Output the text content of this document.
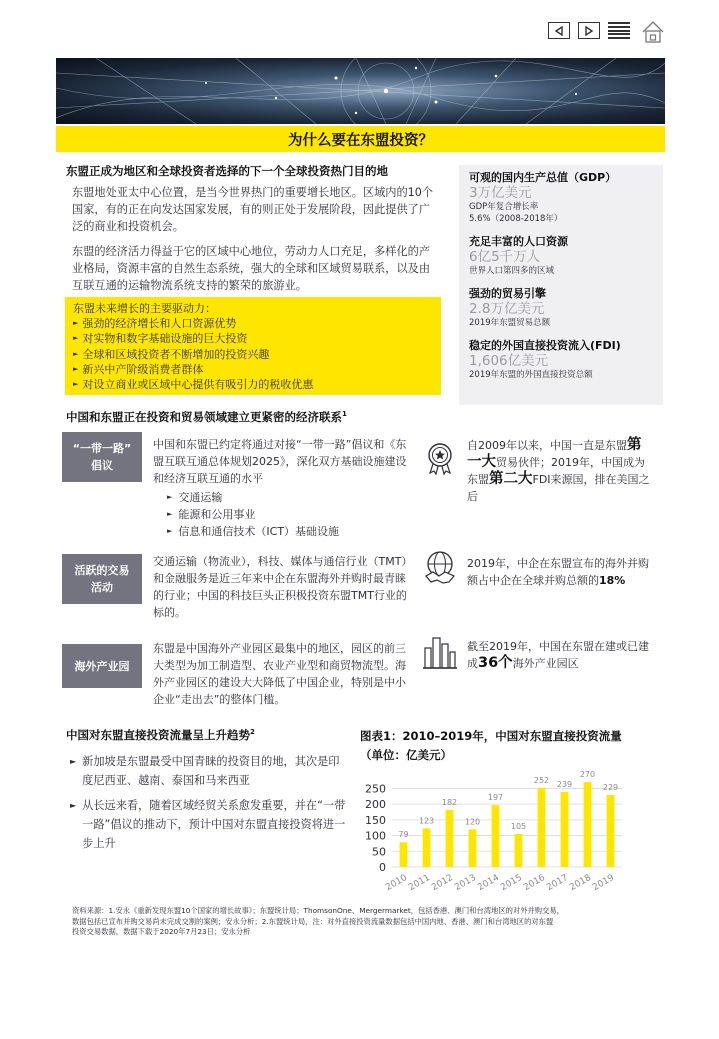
为什么要在东盟投资？
东盟正成为地区和全球投资者选择的下一个全球投资热门目的地
东盟地处亚太中心位置，是当今世界热门的重要增长地区。区域内的10个国家，有的正在向发达国家发展，有的则正处于发展阶段，因此提供了广泛的商业和投资机会。
东盟的经济活力得益于它的区域中心地位，劳动力人口充足，多样化的产业格局，资源丰富的自然生态系统，强大的全球和区域贸易联系，以及由互联互通的运输物流系统支持的繁荣的旅游业。
东盟未来增长的主要驱动力：
► 强劲的经济增长和人口资源优势
► 对实物和数字基础设施的巨大投资
► 全球和区域投资者不断增加的投资兴趣
► 新兴中产阶级消费者群体
► 对设立商业或区域中心提供有吸引力的税收优惠
可观的国内生产总值（GDP）
3万亿美元
GDP年复合增长率
5.6%（2008-2018年）
充足丰富的人口资源
6亿5千万人
世界人口第四多的区域
强劲的贸易引擎
2.8万亿美元
2019年东盟贸易总额
稳定的外国直接投资流入(FDI)
1,606亿美元
2019年东盟的外国直接投资总额
中国和东盟正在投资和贸易领域建立更紧密的经济联系$^1$
“一带一路”
倡议
中国和东盟已约定将通过对接“一带一路”倡议和《东盟互联互通总体规划2025》，深化双方基础设施建设和经济互联互通的水平
► 交通运输
► 能源和公用事业
► 信息和通信技术（ICT）基础设施
自2009年以来，中国一直是东盟第一大贸易伙伴；2019年，中国成为东盟第二大FDI来源国，排在美国之后
活跃的交易
活动
交通运输（物流业），科技、媒体与通信行业（TMT）和金融服务是近三年来中企在东盟海外并购时最青睐的行业；中国的科技巨头正积极投资东盟TMT行业的标的。
2019年，中企在东盟宣布的海外并购额占中企在全球并购总额的18%
海外产业园
东盟是中国海外产业园区最集中的地区，园区的前三大类型为加工制造型、农业产业型和商贸物流型。海外产业园区的建设大大降低了中国企业，特别是中小企业“走出去”的整体门槛。
截至2019年，中国在东盟在建或已建成36个海外产业园区
中国对东盟直接投资流量呈上升趋势$^2$
► 新加坡是东盟最受中国青睐的投资目的地，其次是印度尼西亚、越南、泰国和马来西亚
► 从长远来看，随着区域经贸关系愈发重要，并在“一带一路”倡议的推动下，预计中国对东盟直接投资将进一步上升
图表1：2010–2019年，中国对东盟直接投资流量
（单位：亿美元）
0
50
100
150
200
250
79
2010
123
2011
182
2012
120
2013
197
2014
105
2015
252
2016
239
2017
270
2018
229
2019
资料来源：1.安永《重新发现东盟10个国家的增长故事》；东盟统计局；ThomsonOne、Mergermarket，包括香港、澳门和台湾地区的对外并购交易，
数据包括已宣布并购交易尚未完成交割的案例；安永分析；2.东盟统计局，注：对外直接投资流量数据包括中国内地、香港、澳门和台湾地区的对东盟
投资交易数据，数据下载于2020年7月23日；安永分析
